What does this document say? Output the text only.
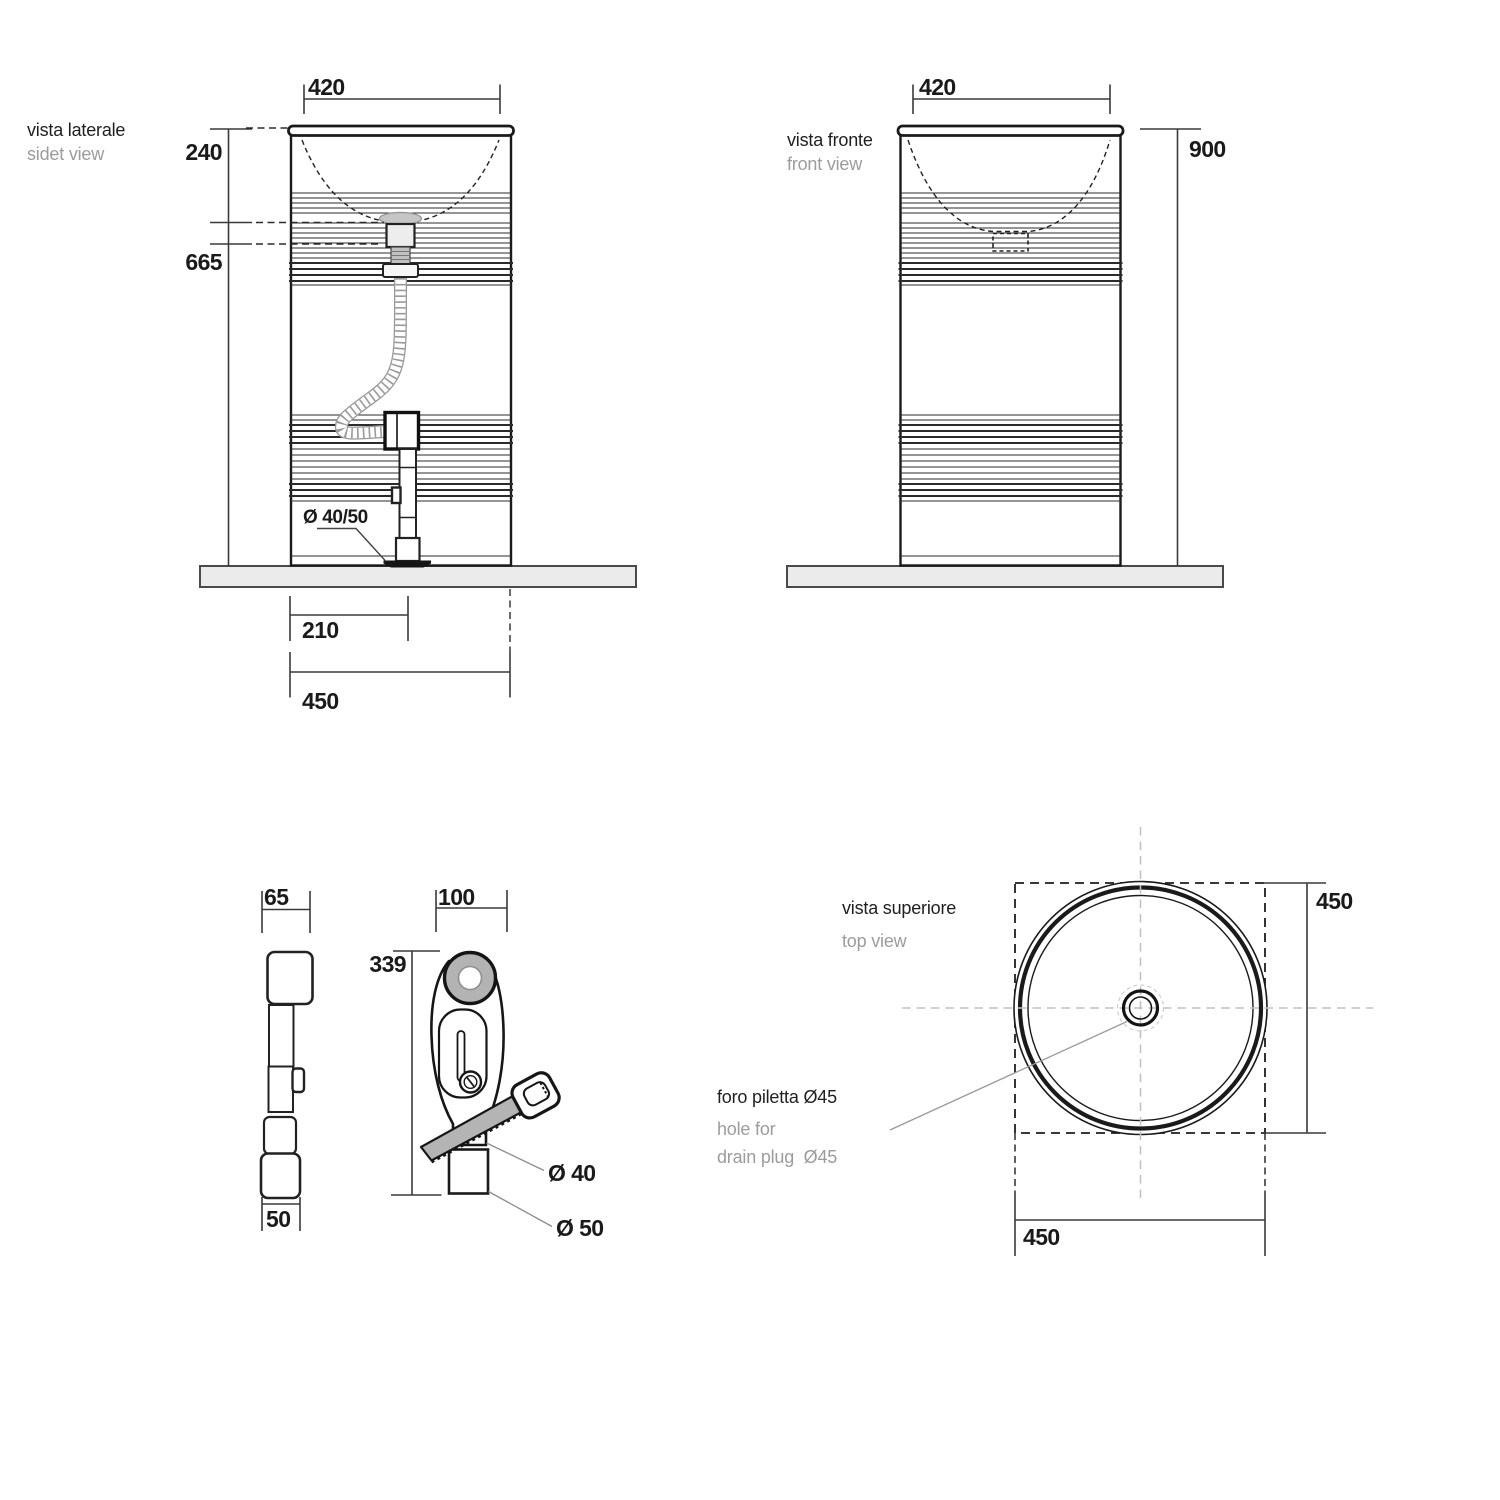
vista laterale
sidet view
420
240
665
Ø 40/50
210
450
vista fronte
front view
420
900
65	100
339
50
Ø 40
Ø 50
vista superiore
top view
450
450
foro piletta Ø45
hole for
drain plug  Ø45
